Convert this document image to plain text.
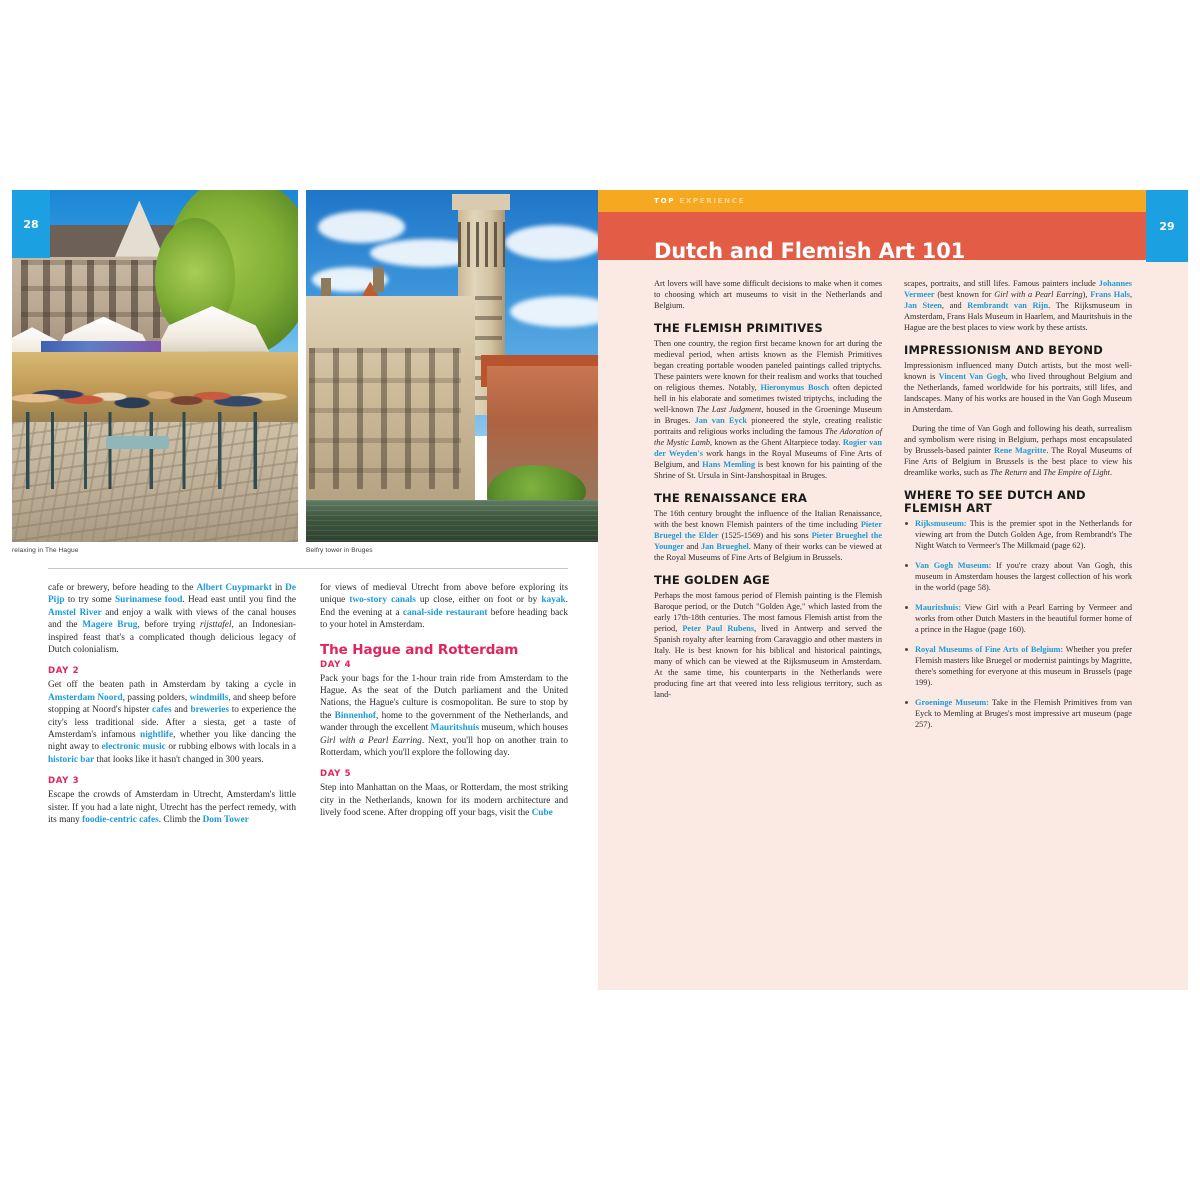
28
relaxing in The Hague	Belfry tower in Bruges

cafe or brewery, before heading to the Albert Cuypmarkt in De Pijp to try some Surinamese food. Head east until you find the Amstel River and enjoy a walk with views of the canal houses and the Magere Brug, before trying rijsttafel, an Indonesian-inspired feast that's a complicated though delicious legacy of Dutch colonialism.

DAY 2

Get off the beaten path in Amsterdam by taking a cycle in Amsterdam Noord, passing polders, windmills, and sheep before stopping at Noord's hipster cafes and breweries to experience the city's less traditional side. After a siesta, get a taste of Amsterdam's infamous nightlife, whether you like dancing the night away to electronic music or rubbing elbows with locals in a historic bar that looks like it hasn't changed in 300 years.

DAY 3

Escape the crowds of Amsterdam in Utrecht, Amsterdam's little sister. If you had a late night, Utrecht has the perfect remedy, with its many foodie-centric cafes. Climb the Dom Tower

for views of medieval Utrecht from above before exploring its unique two-story canals up close, either on foot or by kayak. End the evening at a canal-side restaurant before heading back to your hotel in Amsterdam.

The Hague and Rotterdam

DAY 4

Pack your bags for the 1-hour train ride from Amsterdam to the Hague. As the seat of the Dutch parliament and the United Nations, the Hague's culture is cosmopolitan. Be sure to stop by the Binnenhof, home to the government of the Netherlands, and wander through the excellent Mauritshuis museum, which houses Girl with a Pearl Earring. Next, you'll hop on another train to Rotterdam, which you'll explore the following day.

DAY 5

Step into Manhattan on the Maas, or Rotterdam, the most striking city in the Netherlands, known for its modern architecture and lively food scene. After dropping off your bags, visit the Cube

TOP EXPERIENCE
Dutch and Flemish Art 101
29

Art lovers will have some difficult decisions to make when it comes to choosing which art museums to visit in the Netherlands and Belgium.

THE FLEMISH PRIMITIVES

Then one country, the region first became known for art during the medieval period, when artists known as the Flemish Primitives began creating portable wooden paneled paintings called triptychs. These painters were known for their realism and works that touched on religious themes. Notably, Hieronymus Bosch often depicted hell in his elaborate and sometimes twisted triptychs, including the well-known The Last Judgment, housed in the Groeninge Museum in Bruges. Jan van Eyck pioneered the style, creating realistic portraits and religious works including the famous The Adoration of the Mystic Lamb, known as the Ghent Altarpiece today. Rogier van der Weyden's work hangs in the Royal Museums of Fine Arts of Belgium, and Hans Memling is best known for his painting of the Shrine of St. Ursula in Sint-Janshospitaal in Bruges.

THE RENAISSANCE ERA

The 16th century brought the influence of the Italian Renaissance, with the best known Flemish painters of the time including Pieter Bruegel the Elder (1525-1569) and his sons Pieter Brueghel the Younger and Jan Brueghel. Many of their works can be viewed at the Royal Museums of Fine Arts of Belgium in Brussels.

THE GOLDEN AGE

Perhaps the most famous period of Flemish painting is the Flemish Baroque period, or the Dutch "Golden Age," which lasted from the early 17th-18th centuries. The most famous Flemish artist from the period, Peter Paul Rubens, lived in Antwerp and served the Spanish royalty after learning from Caravaggio and other masters in Italy. He is best known for his biblical and historical paintings, many of which can be viewed at the Rijksmuseum in Amsterdam. At the same time, his counterparts in the Netherlands were producing fine art that veered into less religious territory, such as land-

scapes, portraits, and still lifes. Famous painters include Johannes Vermeer (best known for Girl with a Pearl Earring), Frans Hals, Jan Steen, and Rembrandt van Rijn. The Rijksmuseum in Amsterdam, Frans Hals Museum in Haarlem, and Mauritshuis in the Hague are the best places to view work by these artists.

IMPRESSIONISM AND BEYOND

Impressionism influenced many Dutch artists, but the most well-known is Vincent Van Gogh, who lived throughout Belgium and the Netherlands, famed worldwide for his portraits, still lifes, and landscapes. Many of his works are housed in the Van Gogh Museum in Amsterdam.

During the time of Van Gogh and following his death, surrealism and symbolism were rising in Belgium, perhaps most encapsulated by Brussels-based painter Rene Magritte. The Royal Museums of Fine Arts of Belgium in Brussels is the best place to view his dreamlike works, such as The Return and The Empire of Light.

WHERE TO SEE DUTCH AND FLEMISH ART
Rijksmuseum: This is the premier spot in the Netherlands for viewing art from the Dutch Golden Age, from Rembrandt's The Night Watch to Vermeer's The Milkmaid (page 62).
Van Gogh Museum: If you're crazy about Van Gogh, this museum in Amsterdam houses the largest collection of his work in the world (page 58).
Mauritshuis: View Girl with a Pearl Earring by Vermeer and works from other Dutch Masters in the beautiful former home of a prince in the Hague (page 160).
Royal Museums of Fine Arts of Belgium: Whether you prefer Flemish masters like Bruegel or modernist paintings by Magritte, there's something for everyone at this museum in Brussels (page 199).
Groeninge Museum: Take in the Flemish Primitives from van Eyck to Memling at Bruges's most impressive art museum (page 257).
